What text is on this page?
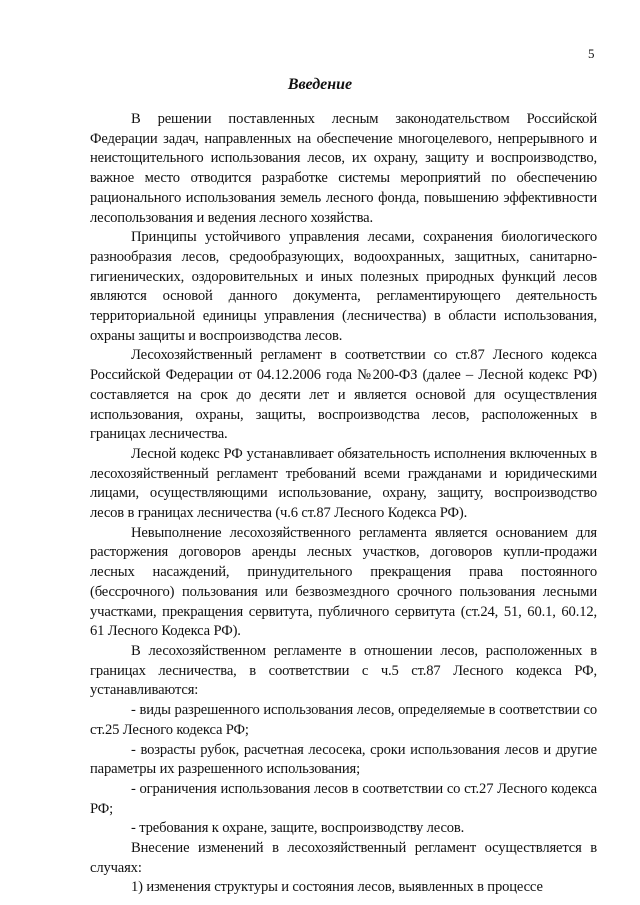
5
Введение

В решении поставленных лесным законодательством Российской Федерации задач, направленных на обеспечение многоцелевого, непрерывного и неистощительного использования лесов, их охрану, защиту и воспроизводство, важное место отводится разработке системы мероприятий по обеспечению рационального использования земель лесного фонда, повышению эффективности лесопользования и ведения лесного хозяйства.

Принципы устойчивого управления лесами, сохранения биологического разнообразия лесов, средообразующих, водоохранных, защитных, санитарно-гигиенических, оздоровительных и иных полезных природных функций лесов являются основой данного документа, регламентирующего деятельность территориальной единицы управления (лесничества) в области использования, охраны защиты и воспроизводства лесов.

Лесохозяйственный регламент в соответствии со ст.87 Лесного кодекса Российской Федерации от 04.12.2006 года №200-ФЗ (далее – Лесной кодекс РФ) составляется на срок до десяти лет и является основой для осуществления использования, охраны, защиты, воспроизводства лесов, расположенных в границах лесничества.

Лесной кодекс РФ устанавливает обязательность исполнения включенных в лесохозяйственный регламент требований всеми гражданами и юридическими лицами, осуществляющими использование, охрану, защиту, воспроизводство лесов в границах лесничества (ч.6 ст.87 Лесного Кодекса РФ).

Невыполнение лесохозяйственного регламента является основанием для расторжения договоров аренды лесных участков, договоров купли-продажи лесных насаждений, принудительного прекращения права постоянного (бессрочного) пользования или безвозмездного срочного пользования лесными участками, прекращения сервитута, публичного сервитута (ст.24, 51, 60.1, 60.12, 61 Лесного Кодекса РФ).

В лесохозяйственном регламенте в отношении лесов, расположенных в границах лесничества, в соответствии с ч.5 ст.87 Лесного кодекса РФ, устанавливаются:

- виды разрешенного использования лесов, определяемые в соответствии со ст.25 Лесного кодекса РФ;

- возрасты рубок, расчетная лесосека, сроки использования лесов и другие параметры их разрешенного использования;

- ограничения использования лесов в соответствии со ст.27 Лесного кодекса РФ;

- требования к охране, защите, воспроизводству лесов.

Внесение изменений в лесохозяйственный регламент осуществляется в случаях:

1) изменения структуры и состояния лесов, выявленных в процессе
